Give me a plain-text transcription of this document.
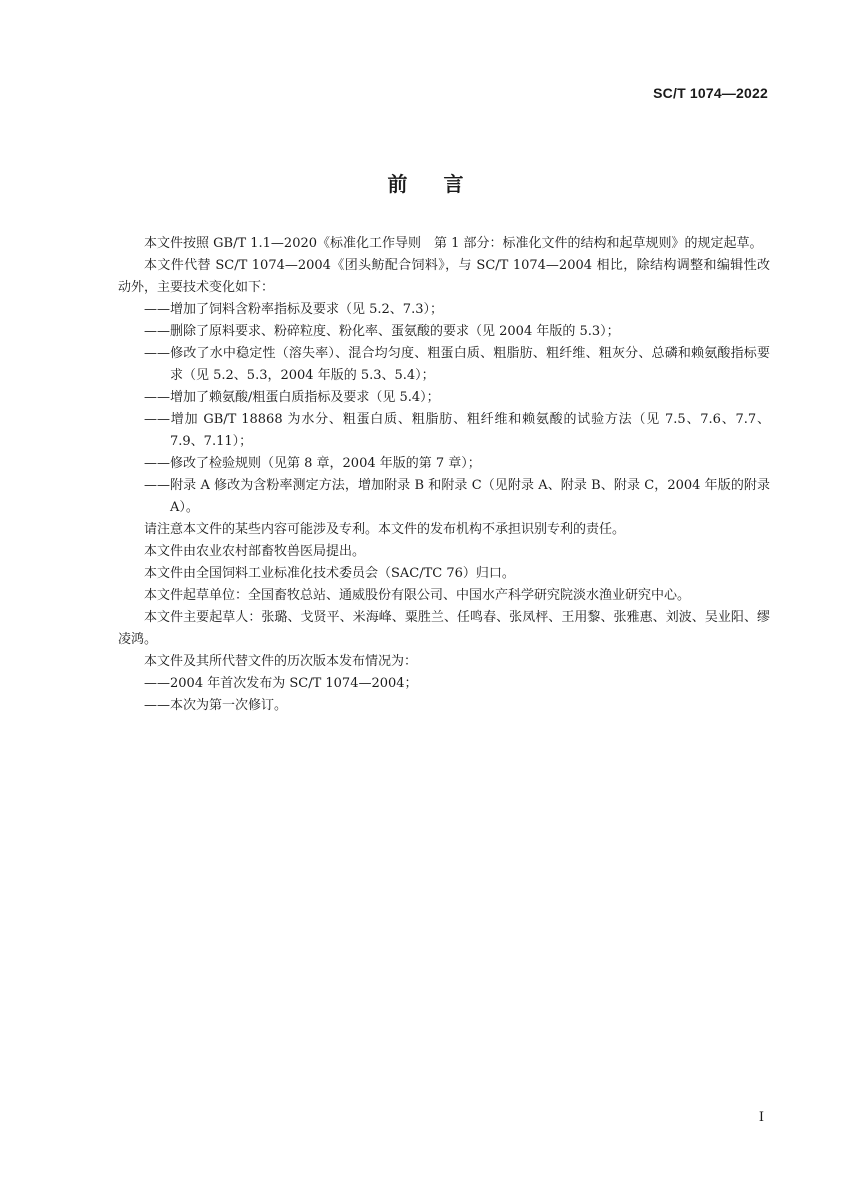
SC/T 1074—2022
前言

本文件按照 GB/T 1.1—2020《标准化工作导则　第 1 部分：标准化文件的结构和起草规则》的规定起草。

本文件代替 SC/T 1074—2004《团头鲂配合饲料》，与 SC/T 1074—2004 相比，除结构调整和编辑性改动外，主要技术变化如下：

——增加了饲料含粉率指标及要求（见 5.2、7.3）；

——删除了原料要求、粉碎粒度、粉化率、蛋氨酸的要求（见 2004 年版的 5.3）；

——修改了水中稳定性（溶失率）、混合均匀度、粗蛋白质、粗脂肪、粗纤维、粗灰分、总磷和赖氨酸指标要求（见 5.2、5.3，2004 年版的 5.3、5.4）；

——增加了赖氨酸/粗蛋白质指标及要求（见 5.4）；

——增加 GB/T 18868 为水分、粗蛋白质、粗脂肪、粗纤维和赖氨酸的试验方法（见 7.5、7.6、7.7、7.9、7.11）；

——修改了检验规则（见第 8 章，2004 年版的第 7 章）；

——附录 A 修改为含粉率测定方法，增加附录 B 和附录 C（见附录 A、附录 B、附录 C，2004 年版的附录 A）。

请注意本文件的某些内容可能涉及专利。本文件的发布机构不承担识别专利的责任。

本文件由农业农村部畜牧兽医局提出。

本文件由全国饲料工业标准化技术委员会（SAC/TC 76）归口。

本文件起草单位：全国畜牧总站、通威股份有限公司、中国水产科学研究院淡水渔业研究中心。

本文件主要起草人：张璐、戈贤平、米海峰、粟胜兰、任鸣春、张凤枰、王用黎、张雅惠、刘波、吴业阳、缪凌鸿。

本文件及其所代替文件的历次版本发布情况为：

——2004 年首次发布为 SC/T 1074—2004；

——本次为第一次修订。

I
